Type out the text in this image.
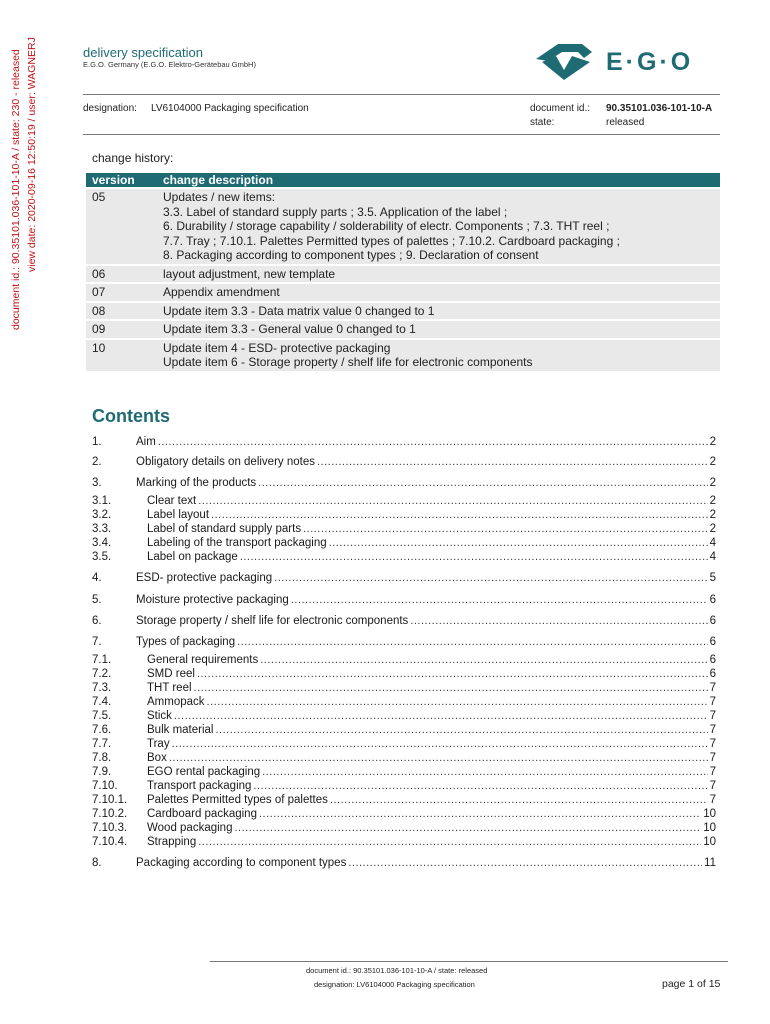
document id.: 90.35101.036-101-10-A / state: 230 - released view date: 2020-09-16 12:50:19 / user: WAGNERJ	delivery specification
E.G.O. Germany (E.G.O. Elektro-Gerätebau GmbH)	E·G·O
designation: LV6104000 Packaging specification	document id.: 90.35101.036-101-10-A
state:	released
change history:
version	change description
05	Updates / new items:
3.3. Label of standard supply parts ; 3.5. Application of the label ;
6. Durability / storage capability / solderability of electr. Components ; 7.3. THT reel ;
7.7. Tray ; 7.10.1. Palettes Permitted types of palettes ; 7.10.2. Cardboard packaging ;
8. Packaging according to component types ; 9. Declaration of consent

06	layout adjustment, new template

07	Appendix amendment

08	Update item 3.3 - Data matrix value 0 changed to 1

09	Update item 3.3 - General value 0 changed to 1

10	Update item 4 - ESD- protective packaging
Update item 6 - Storage property / shelf life for electronic components
Contents
1.	Aim .....	2
2.	Obligatory details on delivery notes .....	2
3.	Marking of the products .....	2
3.1.	Clear text .....	2
3.2.	Label layout .....	2
3.3.	Label of standard supply parts .....	2
3.4.	Labeling of the transport packaging .....	4
3.5.	Label on package .....	4
4.	ESD- protective packaging .....	5
5.	Moisture protective packaging .....	6
6.	Storage property / shelf life for electronic components .....	6
7.	Types of packaging .....	6
7.1.	General requirements .....	6
7.2.	SMD reel .....	6
7.3.	THT reel .....	7
7.4.	Ammopack .....	7
7.5.	Stick .....	7
7.6.	Bulk material .....	7
7.7.	Tray .....	7
7.8.	Box .....	7
7.9.	EGO rental packaging .....	7
7.10.	Transport packaging .....	7
7.10.1.	Palettes Permitted types of palettes .....	7
7.10.2.	Cardboard packaging .....	10
7.10.3.	Wood packaging .....	10
7.10.4.	Strapping .....	10
8.	Packaging according to component types .....	11
document id.: 90.35101.036-101-10-A / state: released
designation: LV6104000 Packaging specification	page 1 of 15
